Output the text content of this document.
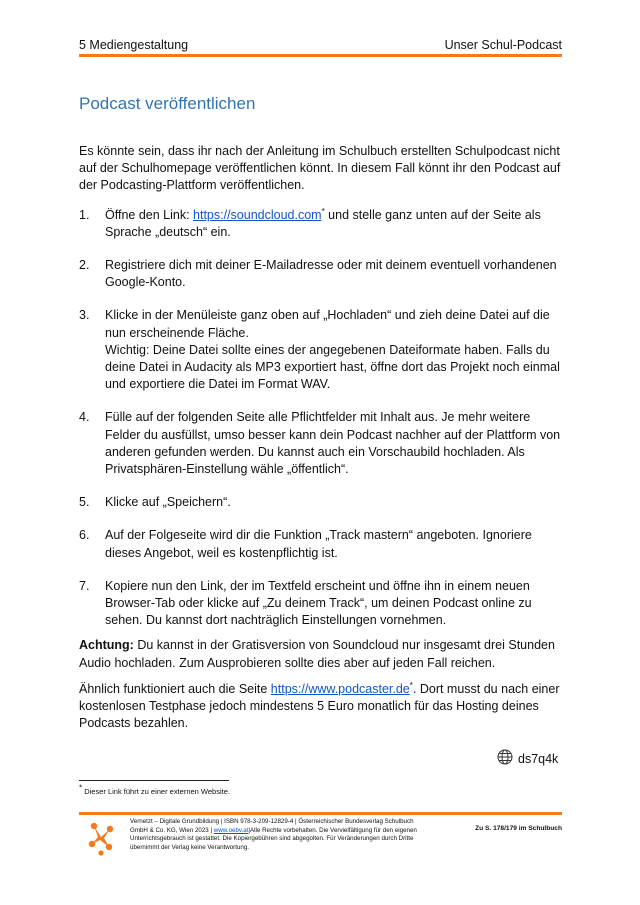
5 Mediengestaltung	Unser Schul-Podcast
Podcast veröffentlichen

Es könnte sein, dass ihr nach der Anleitung im Schulbuch erstellten Schulpodcast nicht auf der Schulhomepage veröffentlichen könnt. In diesem Fall könnt ihr den Podcast auf der Podcasting-Plattform veröffentlichen.

1. Öffne den Link: https://soundcloud.com* und stelle ganz unten auf der Seite als Sprache „deutsch“ ein.
2. Registriere dich mit deiner E-Mailadresse oder mit deinem eventuell vorhandenen Google-Konto.
3. Klicke in der Menüleiste ganz oben auf „Hochladen“ und zieh deine Datei auf die nun erscheinende Fläche.
Wichtig: Deine Datei sollte eines der angegebenen Dateiformate haben. Falls du deine Datei in Audacity als MP3 exportiert hast, öffne dort das Projekt noch einmal und exportiere die Datei im Format WAV.
4. Fülle auf der folgenden Seite alle Pflichtfelder mit Inhalt aus. Je mehr weitere Felder du ausfüllst, umso besser kann dein Podcast nachher auf der Plattform von anderen gefunden werden. Du kannst auch ein Vorschaubild hochladen. Als Privatsphären-Einstellung wähle „öffentlich“.
5. Klicke auf „Speichern“.
6. Auf der Folgeseite wird dir die Funktion „Track mastern“ angeboten. Ignoriere dieses Angebot, weil es kostenpflichtig ist.
7. Kopiere nun den Link, der im Textfeld erscheint und öffne ihn in einem neuen Browser-Tab oder klicke auf „Zu deinem Track“, um deinen Podcast online zu sehen. Du kannst dort nachträglich Einstellungen vornehmen.

Achtung: Du kannst in der Gratisversion von Soundcloud nur insgesamt drei Stunden Audio hochladen. Zum Ausprobieren sollte dies aber auf jeden Fall reichen.

Ähnlich funktioniert auch die Seite https://www.podcaster.de*. Dort musst du nach einer kostenlosen Testphase jedoch mindestens 5 Euro monatlich für das Hosting deines Podcasts bezahlen.

ds7q4k
* Dieser Link führt zu einer externen Website.
Vernetzt – Digitale Grundbildung | ISBN 978-3-209-12829-4 | Österreichischer Bundesverlag Schulbuch GmbH & Co. KG, Wien 2023 | www.oebv.at|Alle Rechte vorbehalten. Die Vervielfältigung für den eigenen Unterrichtsgebrauch ist gestattet. Die Kopiergebühren sind abgegolten. Für Veränderungen durch Dritte übernimmt der Verlag keine Verantwortung.
Zu S. 178/179 im Schulbuch
